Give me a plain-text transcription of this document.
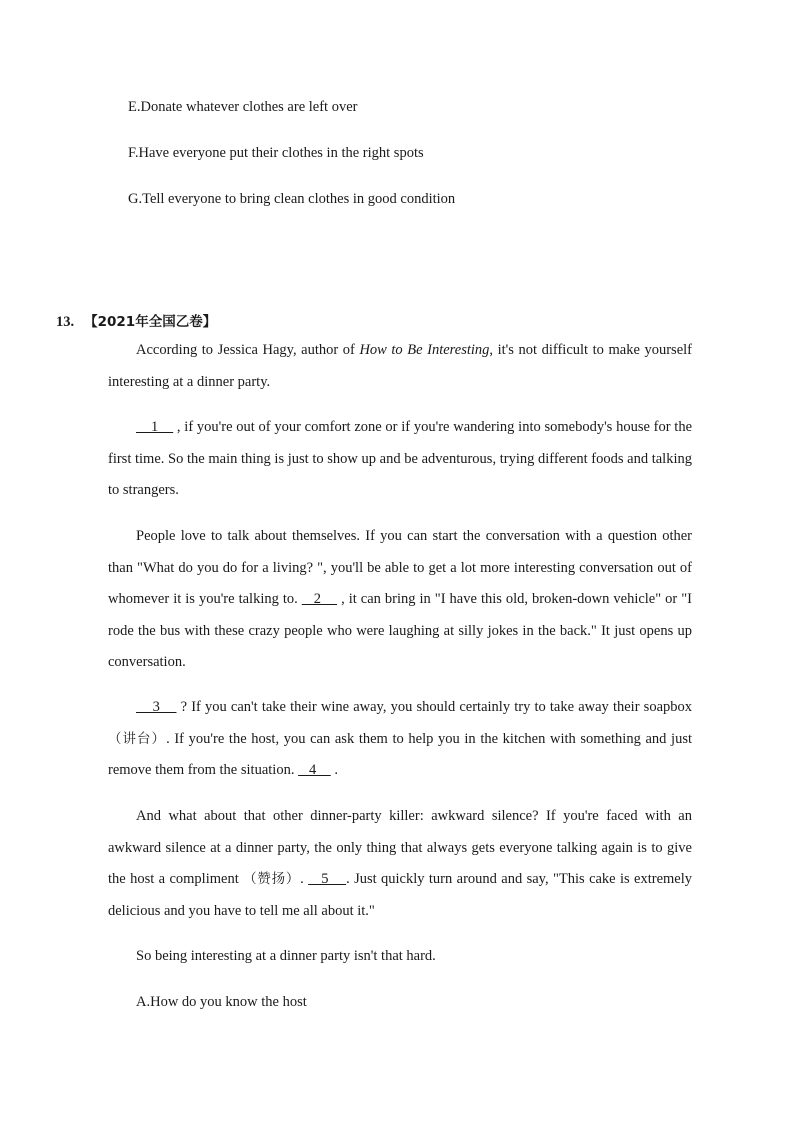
E.Donate whatever clothes are left over
F.Have everyone put their clothes in the right spots
G.Tell everyone to bring clean clothes in good condition
13. 【2021年全国乙卷】

According to Jessica Hagy, author of How to Be Interesting, it's not difficult to make yourself interesting at a dinner party.

1     , if you're out of your comfort zone or if you're wandering into somebody's house for the first time. So the main thing is just to show up and be adventurous, trying different foods and talking to strangers.

People love to talk about themselves. If you can start the conversation with a question other than "What do you do for a living? ", you'll be able to get a lot more interesting conversation out of whomever it is you're talking to.    2     , it can bring in "I have this old, broken-down vehicle" or "I rode the bus with these crazy people who were laughing at silly jokes in the back." It just opens up conversation.

3     ? If you can't take their wine away, you should certainly try to take away their soapbox（讲台）. If you're the host, you can ask them to help you in the kitchen with something and just remove them from the situation.    4     .

And what about that other dinner-party killer: awkward silence? If you're faced with an awkward silence at a dinner party, the only thing that always gets everyone talking again is to give the host a compliment （赞扬）.    5    . Just quickly turn around and say, "This cake is extremely delicious and you have to tell me all about it."

So being interesting at a dinner party isn't that hard.

A.How do you know the host
